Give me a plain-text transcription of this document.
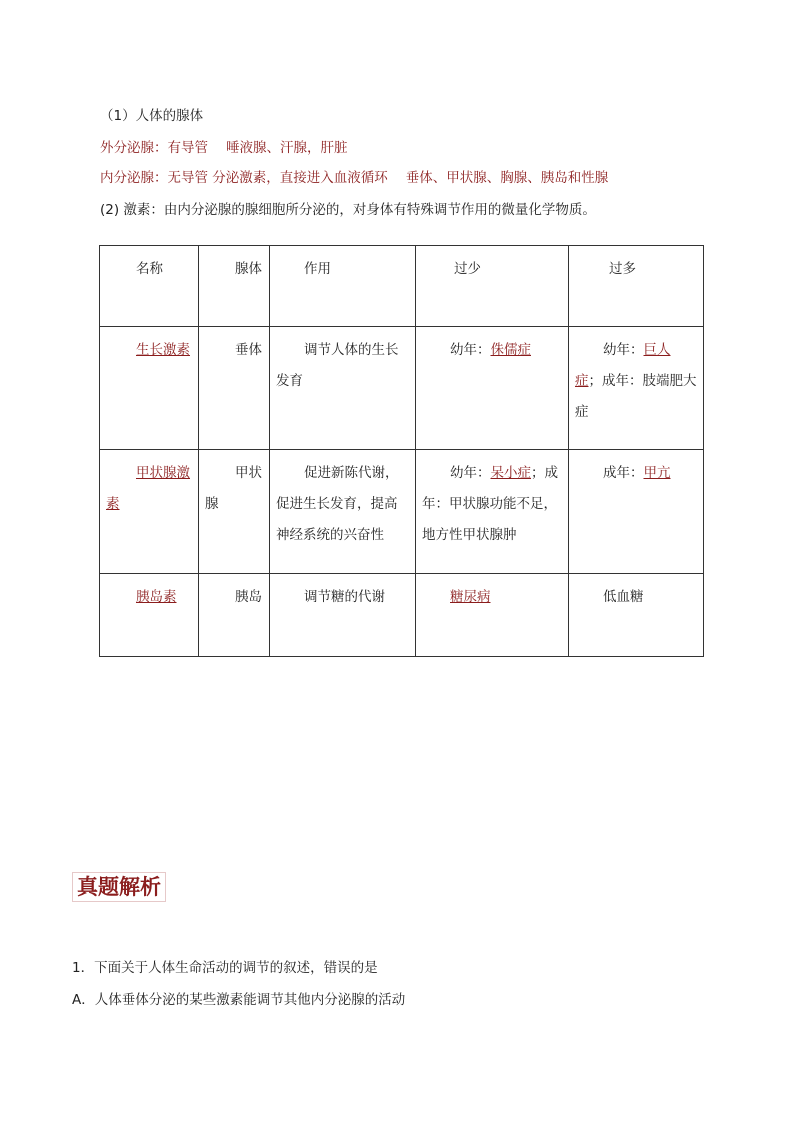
（1）人体的腺体
外分泌腺：有导管 唾液腺、汗腺，肝脏
内分泌腺：无导管 分泌激素，直接进入血液循环 垂体、甲状腺、胸腺、胰岛和性腺
(2) 激素：由内分泌腺的腺细胞所分泌的，对身体有特殊调节作用的微量化学物质。
名称	腺体	作用	过少	过多
生长激素	垂体	调节人体的生长发育	幼年：侏儒症	幼年：巨人症；成年：肢端肥大症
甲状腺激素	甲状腺	促进新陈代谢，促进生长发育，提高神经系统的兴奋性	幼年：呆小症；成年：甲状腺功能不足，地方性甲状腺肿	成年：甲亢
胰岛素	胰岛	调节糖的代谢	糖尿病	低血糖
真题解析
1．下面关于人体生命活动的调节的叙述，错误的是
A．人体垂体分泌的某些激素能调节其他内分泌腺的活动
